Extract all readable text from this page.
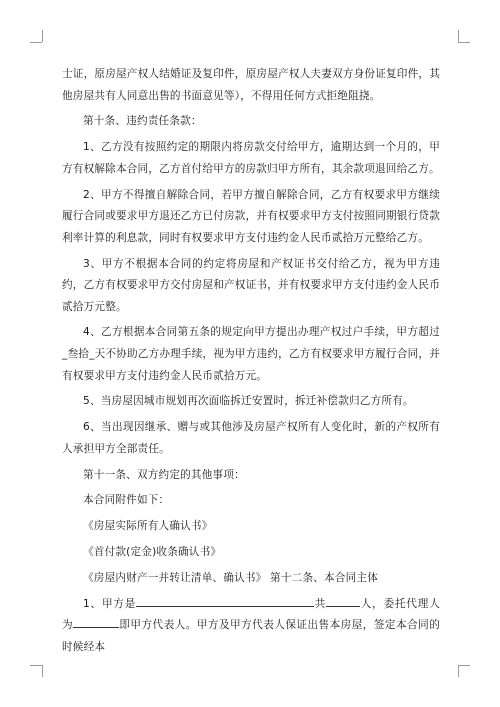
士证，原房屋产权人结婚证及复印件，原房屋产权人夫妻双方身份证复印件，其他房屋共有人同意出售的书面意见等），不得用任何方式拒绝阻挠。

第十条、违约责任条款：

1、乙方没有按照约定的期限内将房款交付给甲方，逾期达到一个月的，甲方有权解除本合同，乙方首付给甲方的房款归甲方所有，其余款项退回给乙方。

2、甲方不得擅自解除合同，若甲方擅自解除合同，乙方有权要求甲方继续履行合同或要求甲方退还乙方已付房款，并有权要求甲方支付按照同期银行贷款利率计算的利息款，同时有权要求甲方支付违约金人民币贰拾万元整给乙方。

3、甲方不根据本合同的约定将房屋和产权证书交付给乙方，视为甲方违约，乙方有权要求甲方交付房屋和产权证书，并有权要求甲方支付违约金人民币贰拾万元整。

4、乙方根据本合同第五条的规定向甲方提出办理产权过户手续，甲方超过_叁拾_天不协助乙方办理手续，视为甲方违约，乙方有权要求甲方履行合同，并有权要求甲方支付违约金人民币贰拾万元。

5、当房屋因城市规划再次面临拆迁安置时，拆迁补偿款归乙方所有。

6、当出现因继承、赠与或其他涉及房屋产权所有人变化时，新的产权所有人承担甲方全部责任。

第十一条、双方约定的其他事项：

本合同附件如下：

《房屋实际所有人确认书》

《首付款(定金)收条确认书》

《房屋内财产一并转让清单、确认书》 第十二条、本合同主体

1、甲方是	共	人，委托代理人为	即甲方代表人。甲方及甲方代表人保证出售本房屋，签定本合同的时候经本
